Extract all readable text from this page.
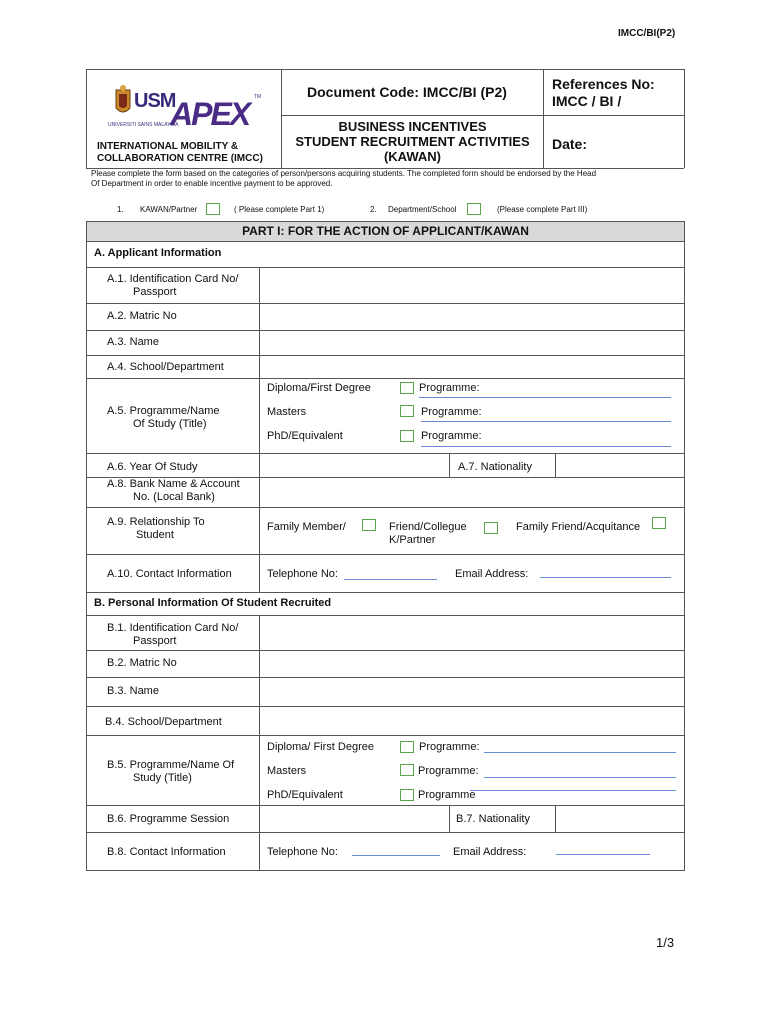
IMCC/BI(P2)
USM
UNIVERSITI SAINS MALAYSIA
APEX TM
INTERNATIONAL MOBILITY &
COLLABORATION CENTRE (IMCC)
Document Code: IMCC/BI (P2)
BUSINESS INCENTIVES
STUDENT RECRUITMENT ACTIVITIES
(KAWAN)
References No:
IMCC / BI /
Date:
Please complete the form based on the categories of person/persons acquiring students. The completed form should be endorsed by the Head
Of Department in order to enable incentive payment to be approved.
1. KAWAN/Partner	( Please complete Part 1)	2. Department/School	(Please complete Part III)
PART I: FOR THE ACTION OF APPLICANT/KAWAN
A. Applicant Information
A.1. Identification Card No/
Passport
A.2. Matric No
A.3. Name
A.4. School/Department
A.5. Programme/Name
Of Study (Title)
Diploma/First Degree	Programme:
Masters	Programme:
PhD/Equivalent	Programme:
A.6. Year Of Study	A.7. Nationality
A.8. Bank Name & Account
No. (Local Bank)
A.9. Relationship To
Student
Family Member/	Friend/Collegue
K/Partner
Family Friend/Acquitance
A.10. Contact Information	Telephone No:	Email Address:
B. Personal Information Of Student Recruited
B.1. Identification Card No/
Passport
B.2. Matric No
B.3. Name
B.4. School/Department
B.5. Programme/Name Of
Study (Title)
Diploma/ First Degree	Programme:
Masters	Programme:
PhD/Equivalent	Programme
B.6. Programme Session	B.7. Nationality
B.8. Contact Information	Telephone No:	Email Address:
1/3
